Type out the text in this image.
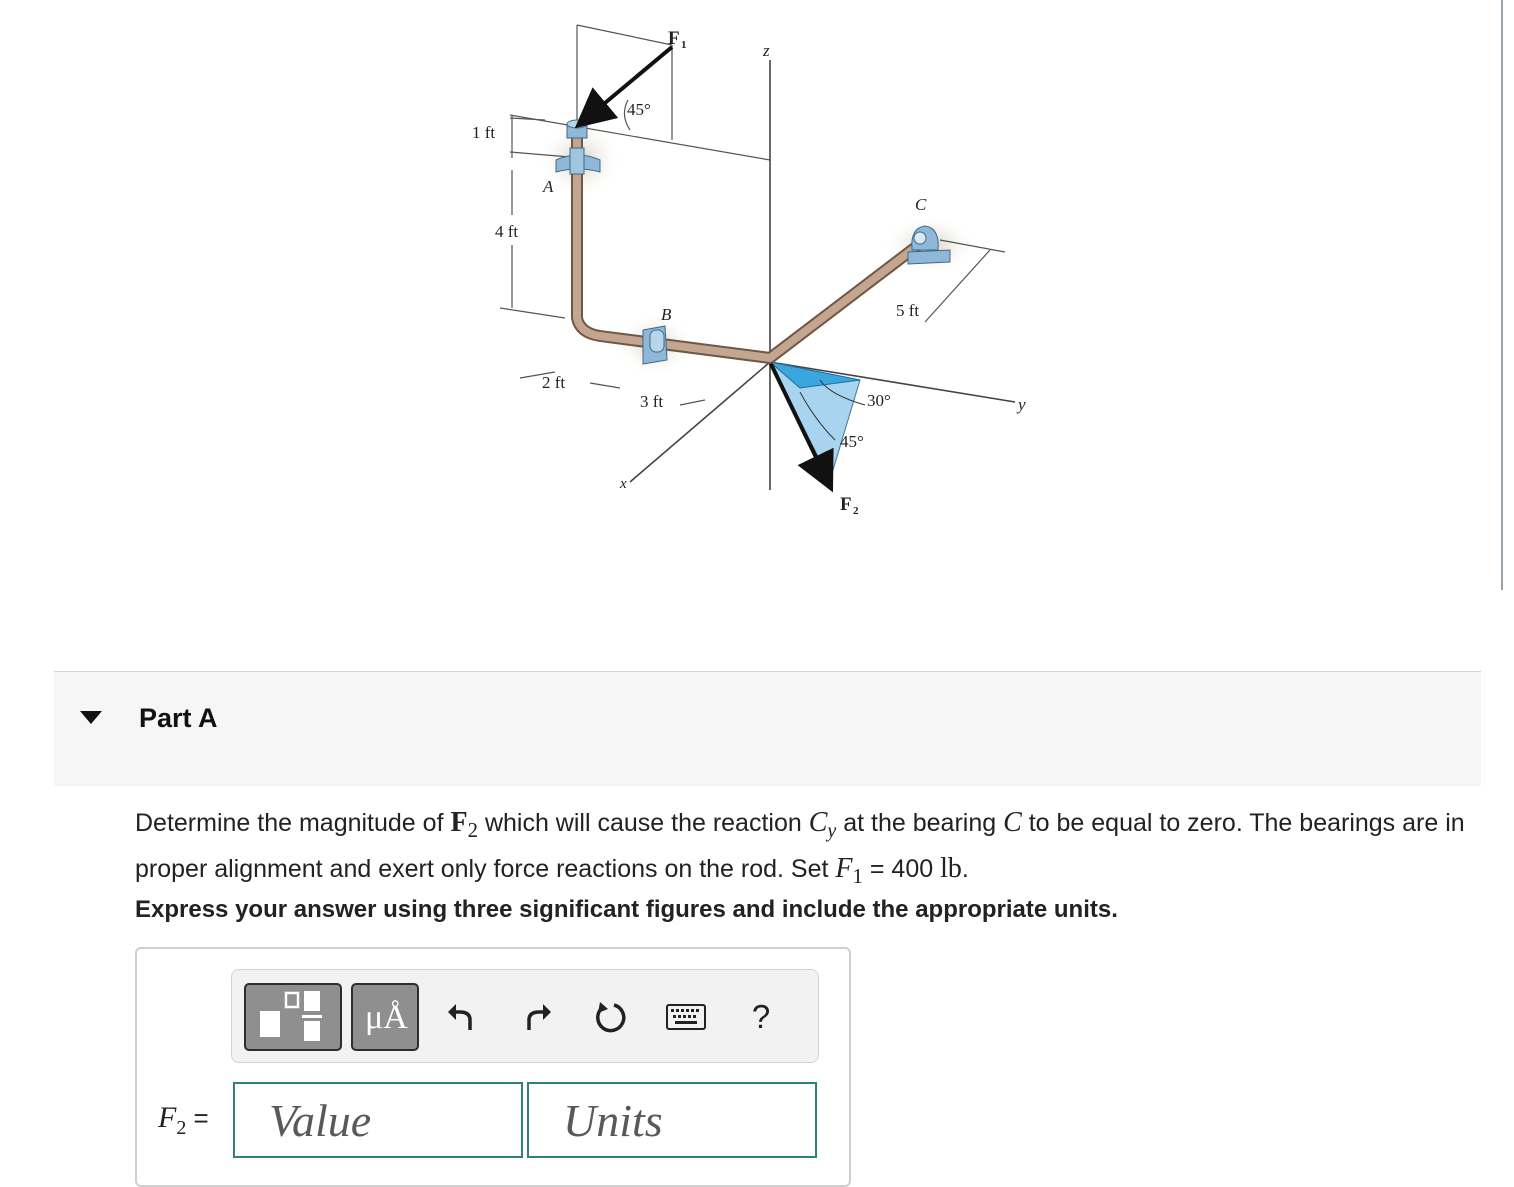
F 1	z
45°
1 ft
A
4 ft
C
B	5 ft
2 ft
3 ft	30°	y
45°
x
F 2
Part A
Determine the magnitude of $F_2$ which will cause the reaction $C_y$ at the bearing C to be equal to zero. The bearings are in proper alignment and exert only force reactions on the rod. Set $F_1 = 400$ lb.
Express your answer using three significant figures and include the appropriate units.
μÅ	?
$F_2$ =	Value	Units
